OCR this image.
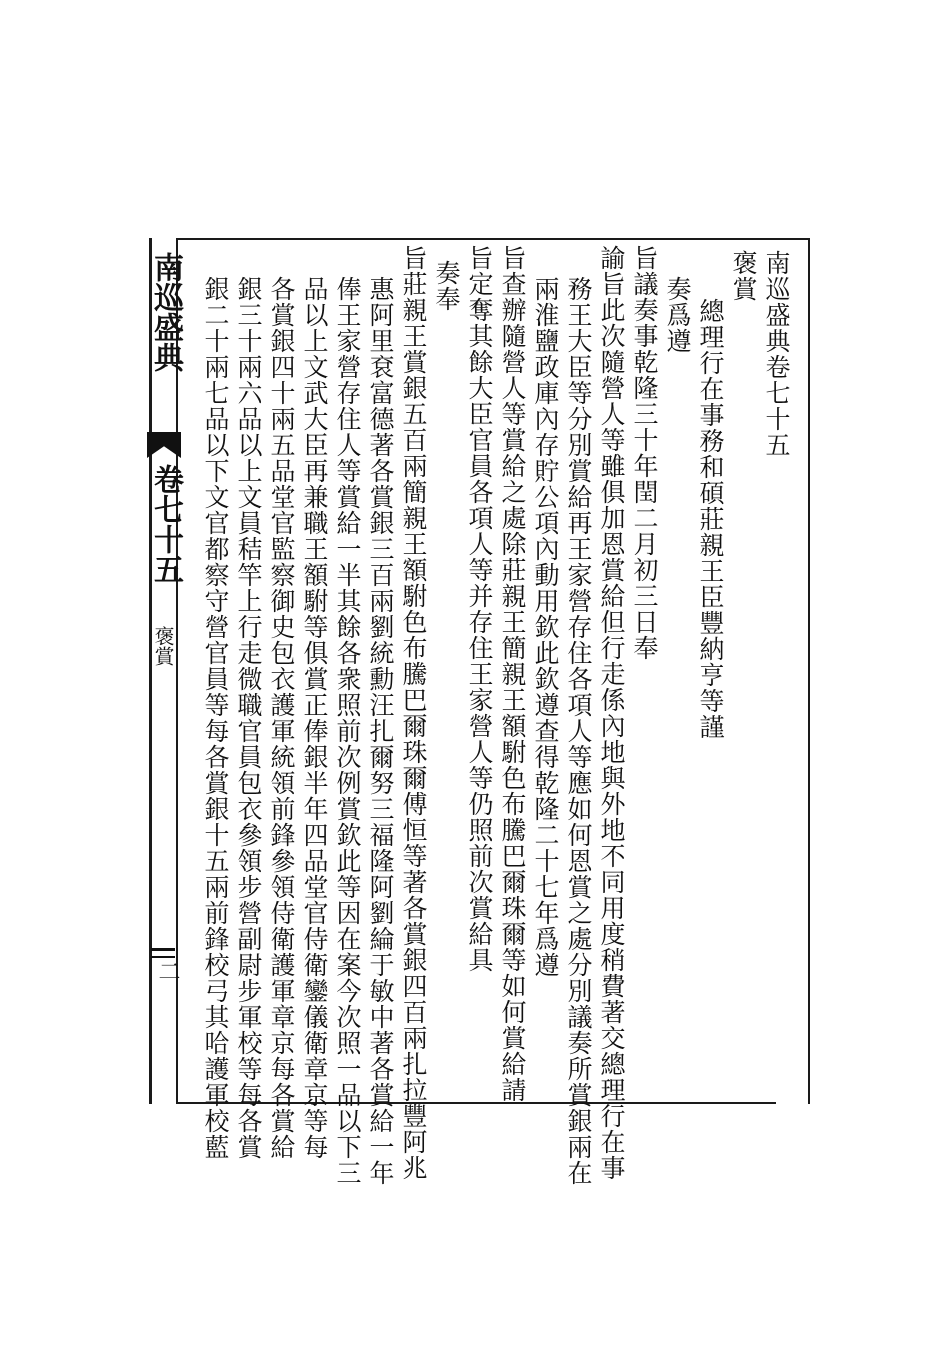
南巡盛典
卷七十五
褒賞
二
南巡盛典卷七十五
褒賞
總理行在事務和碩莊親王臣豐納亨等謹
奏爲遵
旨議奏事乾隆三十年閏二月初三日奉
諭旨此次隨營人等雖俱加恩賞給但行走係內地與外地不同用度稍費著交總理行在事
務王大臣等分別賞給再王家營存住各項人等應如何恩賞之處分別議奏所賞銀兩在
兩淮鹽政庫內存貯公項內動用欽此欽遵查得乾隆二十七年爲遵
旨查辦隨營人等賞給之處除莊親王簡親王額駙色布騰巴爾珠爾等如何賞給請
旨定奪其餘大臣官員各項人等并存住王家營人等仍照前次賞給具
奏奉
旨莊親王賞銀五百兩簡親王額駙色布騰巴爾珠爾傅恒等著各賞銀四百兩扎拉豐阿兆
惠阿里袞富德著各賞銀三百兩劉統勳汪扎爾努三福隆阿劉綸于敏中著各賞給一年
俸王家營存住人等賞給一半其餘各衆照前次例賞欽此等因在案今次照一品以下三
品以上文武大臣再兼職王額駙等俱賞正俸銀半年四品堂官侍衛鑾儀衛章京等每
各賞銀四十兩五品堂官監察御史包衣護軍統領前鋒參領侍衛護軍章京每各賞給
銀三十兩六品以上文員秸竿上行走微職官員包衣參領步營副尉步軍校等每各賞
銀二十兩七品以下文官都察守營官員等每各賞銀十五兩前鋒校弓其哈護軍校藍
